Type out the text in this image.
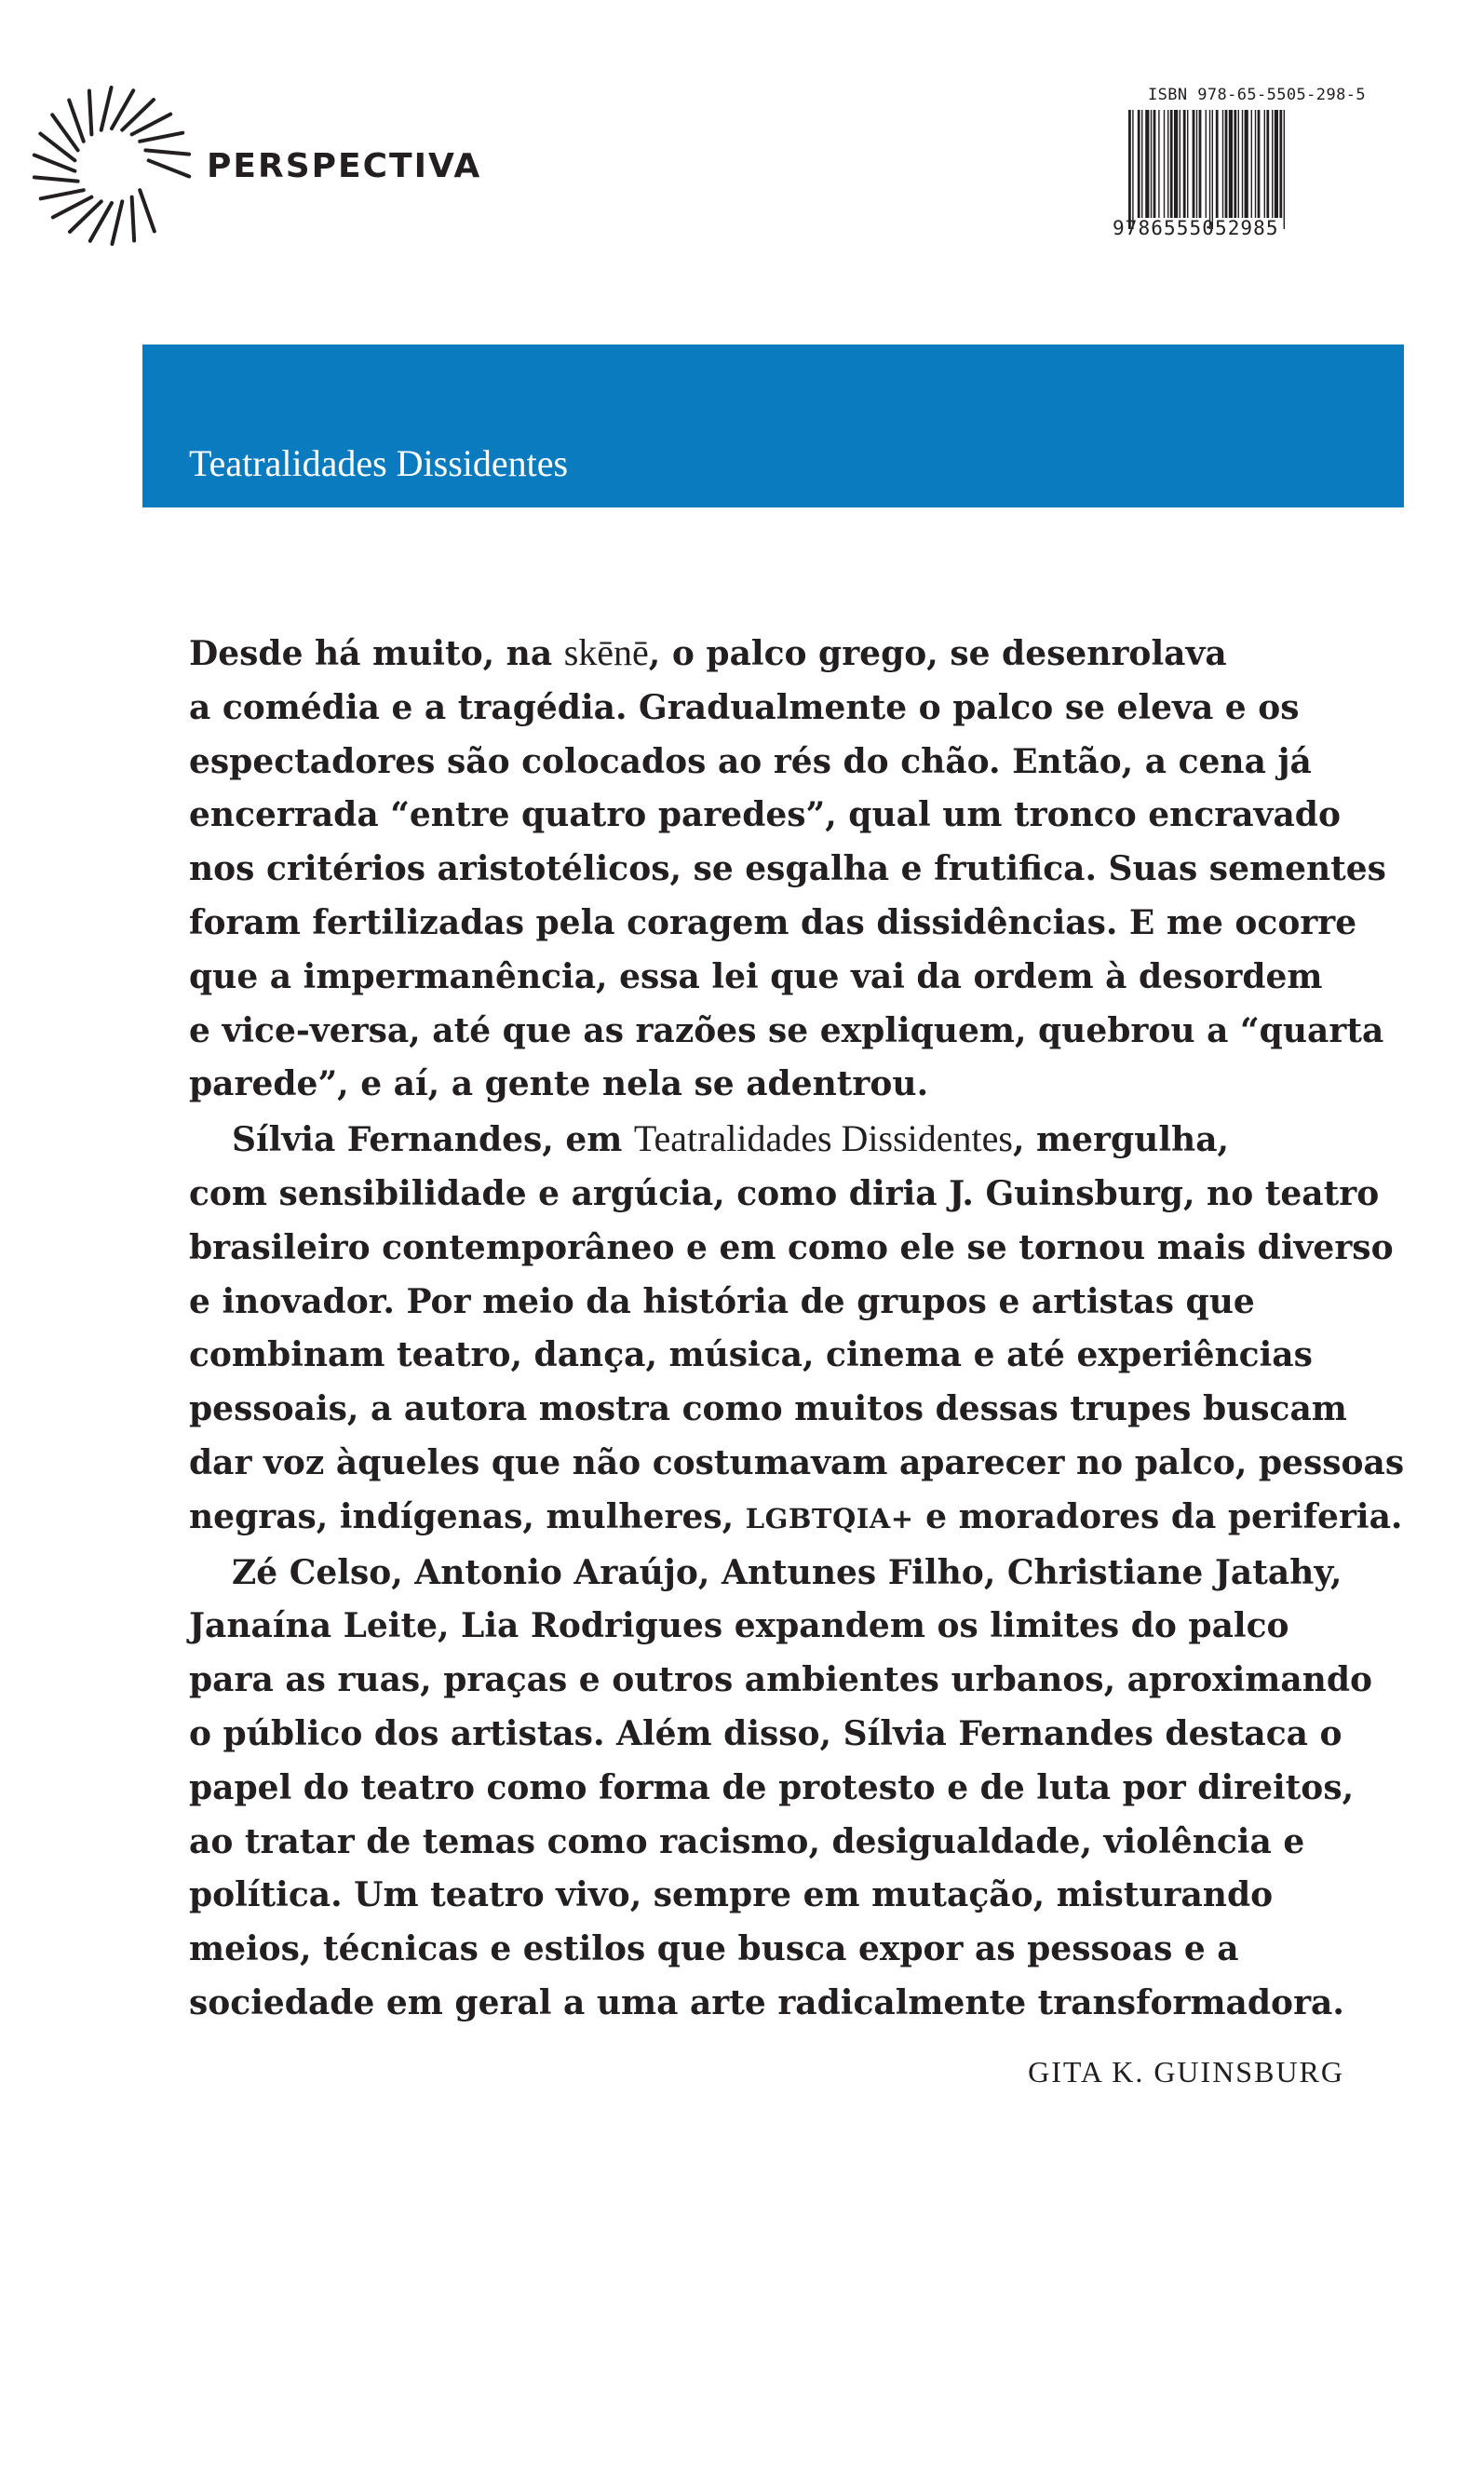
PERSPECTIVA
ISBN 978-65-5505-298-5
9786555052985
Teatralidades Dissidentes

Desde há muito, na skēnē, o palco grego, se desenrolava
a comédia e a tragédia. Gradualmente o palco se eleva e os
espectadores são colocados ao rés do chão. Então, a cena já
encerrada “entre quatro paredes”, qual um tronco encravado
nos critérios aristotélicos, se esgalha e frutifica. Suas sementes
foram fertilizadas pela coragem das dissidências. E me ocorre
que a impermanência, essa lei que vai da ordem à desordem
e vice-versa, até que as razões se expliquem, quebrou a “quarta
parede”, e aí, a gente nela se adentrou.

Sílvia Fernandes, em Teatralidades Dissidentes, mergulha,
com sensibilidade e argúcia, como diria J. Guinsburg, no teatro
brasileiro contemporâneo e em como ele se tornou mais diverso
e inovador. Por meio da história de grupos e artistas que
combinam teatro, dança, música, cinema e até experiências
pessoais, a autora mostra como muitos dessas trupes buscam
dar voz àqueles que não costumavam aparecer no palco, pessoas
negras, indígenas, mulheres, LGBTQIA+ e moradores da periferia.

Zé Celso, Antonio Araújo, Antunes Filho, Christiane Jatahy,
Janaína Leite, Lia Rodrigues expandem os limites do palco
para as ruas, praças e outros ambientes urbanos, aproximando
o público dos artistas. Além disso, Sílvia Fernandes destaca o
papel do teatro como forma de protesto e de luta por direitos,
ao tratar de temas como racismo, desigualdade, violência e
política. Um teatro vivo, sempre em mutação, misturando
meios, técnicas e estilos que busca expor as pessoas e a
sociedade em geral a uma arte radicalmente transformadora.

GITA K. GUINSBURG
